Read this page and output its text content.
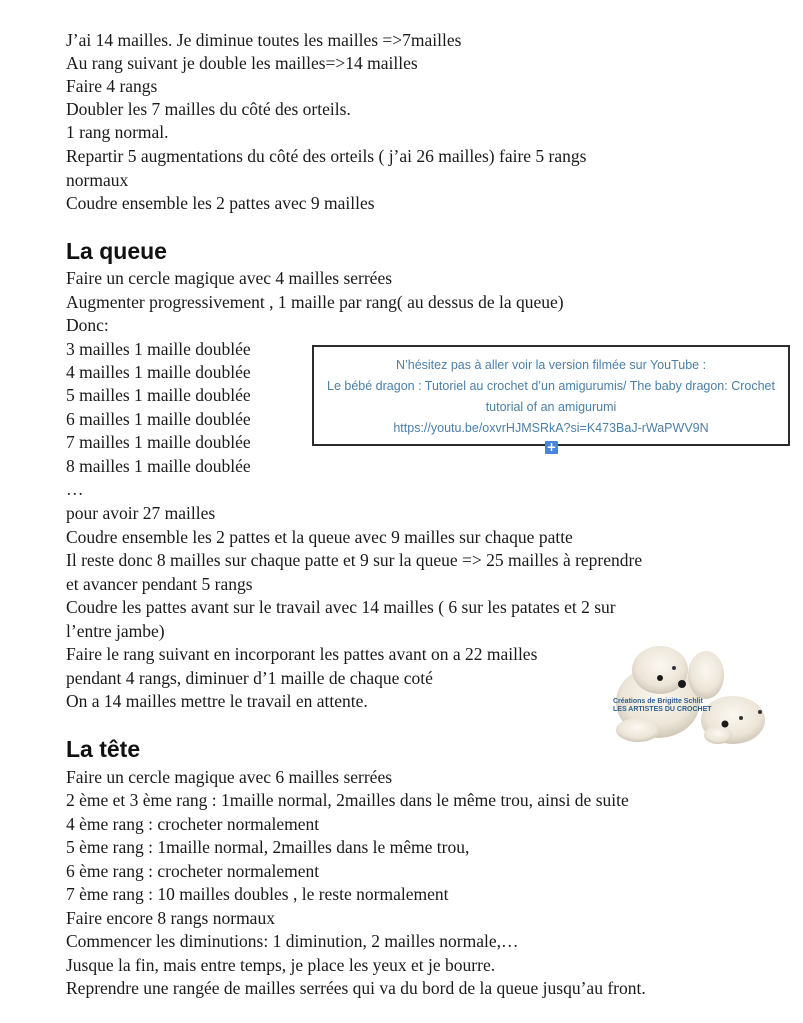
J’ai 14 mailles. Je diminue toutes les mailles =>7mailles
Au rang suivant je double les mailles=>14 mailles
Faire 4 rangs
Doubler les 7 mailles du côté des orteils.
1 rang normal.
Repartir 5 augmentations du côté des orteils ( j’ai 26 mailles) faire 5 rangs
normaux
Coudre ensemble les 2 pattes avec 9 mailles
La queue
Faire un cercle magique avec 4 mailles serrées
Augmenter progressivement , 1 maille par rang( au dessus de la queue)
Donc:
3 mailles 1 maille doublée
4 mailles 1 maille doublée
5 mailles 1 maille doublée
6 mailles 1 maille doublée
7 mailles 1 maille doublée
8 mailles 1 maille doublée
…
pour avoir 27 mailles
Coudre ensemble les 2 pattes et la queue avec 9 mailles sur chaque patte
Il reste donc 8 mailles sur chaque patte et 9 sur la queue => 25 mailles à reprendre
et avancer pendant 5 rangs
Coudre les pattes avant sur le travail avec 14 mailles ( 6 sur les patates et 2 sur
l’entre jambe)
Faire le rang suivant en incorporant les pattes avant on a 22 mailles
pendant 4 rangs, diminuer d’1 maille de chaque coté
On a 14 mailles mettre le travail en attente.
La tête
Faire un cercle magique avec 6 mailles serrées
2 ème et 3 ème rang : 1maille normal, 2mailles dans le même trou, ainsi de suite
4 ème rang : crocheter normalement
5 ème rang : 1maille normal, 2mailles dans le même trou,
6 ème rang : crocheter normalement
7 ème rang : 10 mailles doubles , le reste normalement
Faire encore 8 rangs normaux
Commencer les diminutions: 1 diminution, 2 mailles normale,…
Jusque la fin, mais entre temps, je place les yeux et je bourre.
Reprendre une rangée de mailles serrées qui va du bord de la queue jusqu’au front.
N’hésitez pas à aller voir la version filmée sur YouTube :
Le bébé dragon : Tutoriel au crochet d’un amigurumis/ The baby dragon: Crochet
tutorial of an amigurumi
https://youtu.be/oxvrHJMSRkA?si=K473BaJ-rWaPWV9N
+
Créations de Brigitte Schlit
LES ARTISTES DU CROCHET
